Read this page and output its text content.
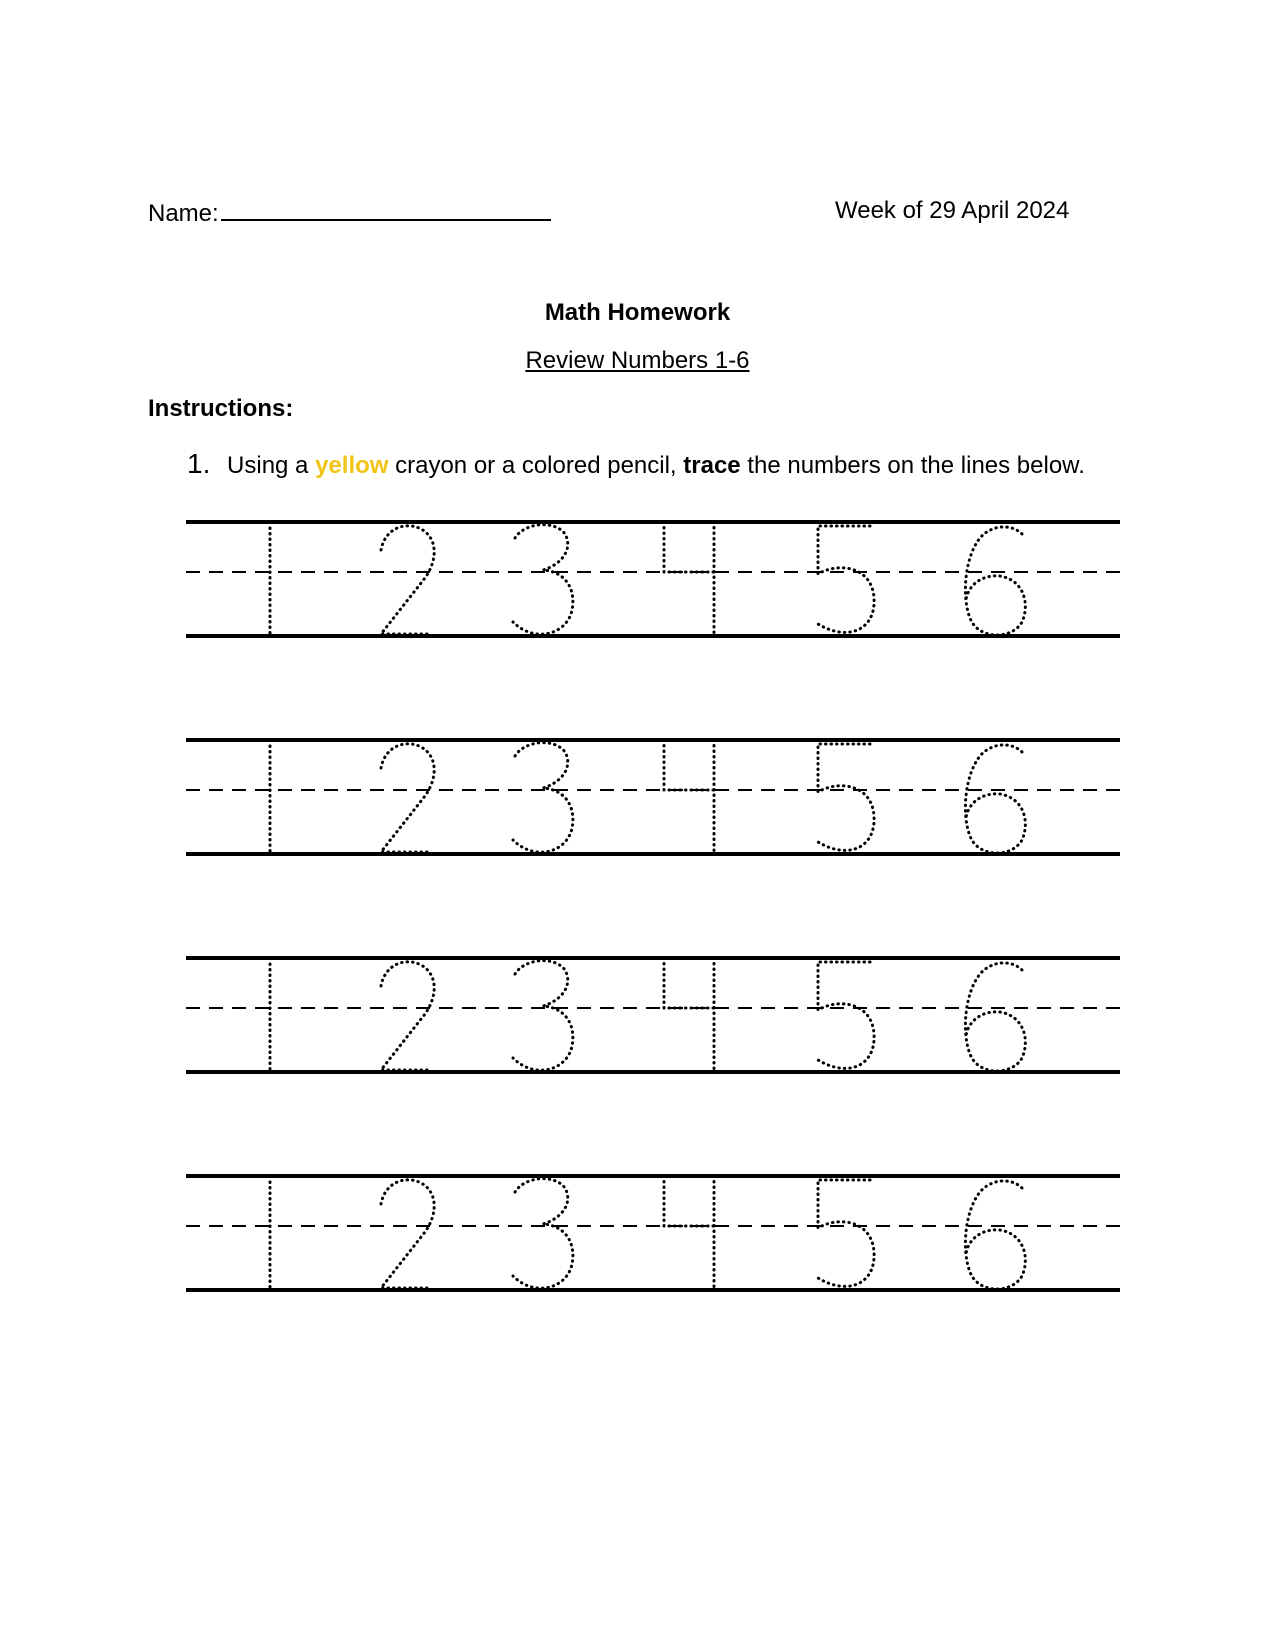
Name:	Week of 29 April 2024
Math Homework
Review Numbers 1-6
Instructions:
1. Using a yellow crayon or a colored pencil, trace the numbers on the lines below.
